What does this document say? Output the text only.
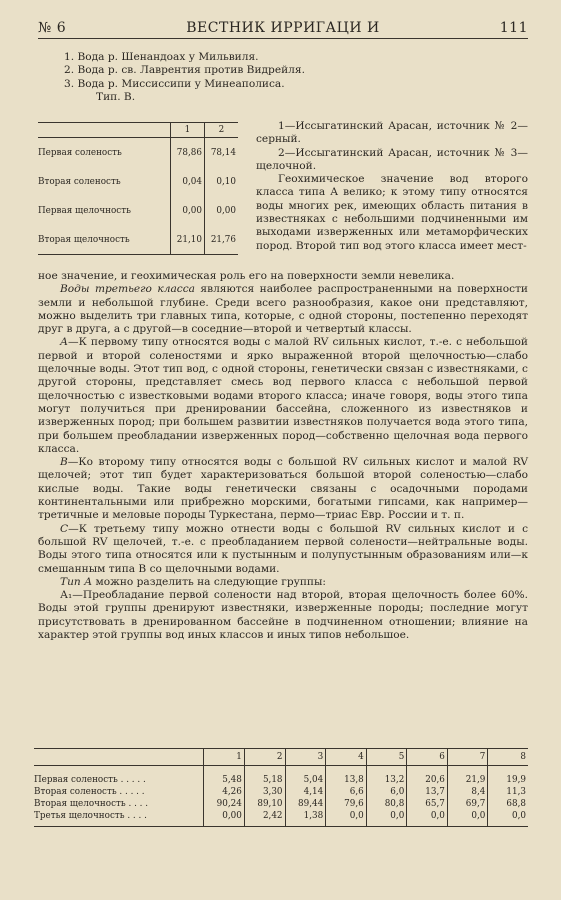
№ 6	ВЕСТНИК ИРРИГАЦИ И	111
1. Вода р. Шенандоах у Мильвиля.
2. Вода р. св. Лаврентия против Видрейля.
3. Вода р. Миссиссипи у Минеаполиса.
Тип. В.
	1	2
Первая соленость	78,86	78,14
Вторая соленость	0,04	0,10
Первая щелочность	0,00	0,00
Вторая щелочность	21,10	21,76

1—Иссыгатинский Арасан, источник № 2—серный.

2—Иссыгатинский Арасан, источник № 3—щелочной.

Геохимическое значение вод второго класса типа А велико; к этому типу относятся воды многих рек, имеющих область питания в известняках с небольшими подчиненными им выходами изверженных или метаморфических пород. Второй тип вод этого класса имеет мест-

ное значение, и геохимическая роль его на поверхности земли невелика.

Воды третьего класса являются наиболее распространенными на поверхности земли и небольшой глубине. Среди всего разнообразия, какое они представляют, можно выделить три главных типа, которые, с одной стороны, постепенно переходят друг в друга, а с другой—в соседние—второй и четвертый классы.

А—К первому типу относятся воды с малой RV сильных кислот, т.-е. с небольшой первой и второй соленостями и ярко выраженной второй щелочностью—слабо щелочные воды. Этот тип вод, с одной стороны, генетически связан с известняками, с другой стороны, представляет смесь вод первого класса с небольшой первой щелочностью с известковыми водами второго класса; иначе говоря, воды этого типа могут получиться при дренировании бассейна, сложенного из известняков и изверженных пород; при большем развитии известняков получается вода этого типа, при большем преобладании изверженных пород—собственно щелочная вода первого класса.

В—Ко второму типу относятся воды с большой RV сильных кислот и малой RV щелочей; этот тип будет характеризоваться большой второй соленостью—слабо кислые воды. Такие воды генетически связаны с осадочными породами континентальными или прибрежно морскими, богатыми гипсами, как например—третичные и меловые породы Туркестана, пермо—триас Евр. России и т. п.

С—К третьему типу можно отнести воды с большой RV сильных кислот и с большой RV щелочей, т.-е. с преобладанием первой солености—нейтральные воды. Воды этого типа относятся или к пустынным и полупустынным образованиям или—к смешанным типа В со щелочными водами.

Тип А можно разделить на следующие группы:

А₁—Преобладание первой солености над второй, вторая щелочность более 60%. Воды этой группы дренируют известняки, изверженные породы; последние могут присутствовать в дренированном бассейне в подчиненном отношении; влияние на характер этой группы вод иных классов и иных типов небольшое.

	1	2	3	4	5	6	7	8

Первая соленость . . . . .	5,48	5,18	5,04	13,8	13,2	20,6	21,9	19,9
Вторая соленость . . . . .	4,26	3,30	4,14	6,6	6,0	13,7	8,4	11,3
Вторая щелочность . . . .	90,24	89,10	89,44	79,6	80,8	65,7	69,7	68,8
Третья щелочность . . . .	0,00	2,42	1,38	0,0	0,0	0,0	0,0	0,0
